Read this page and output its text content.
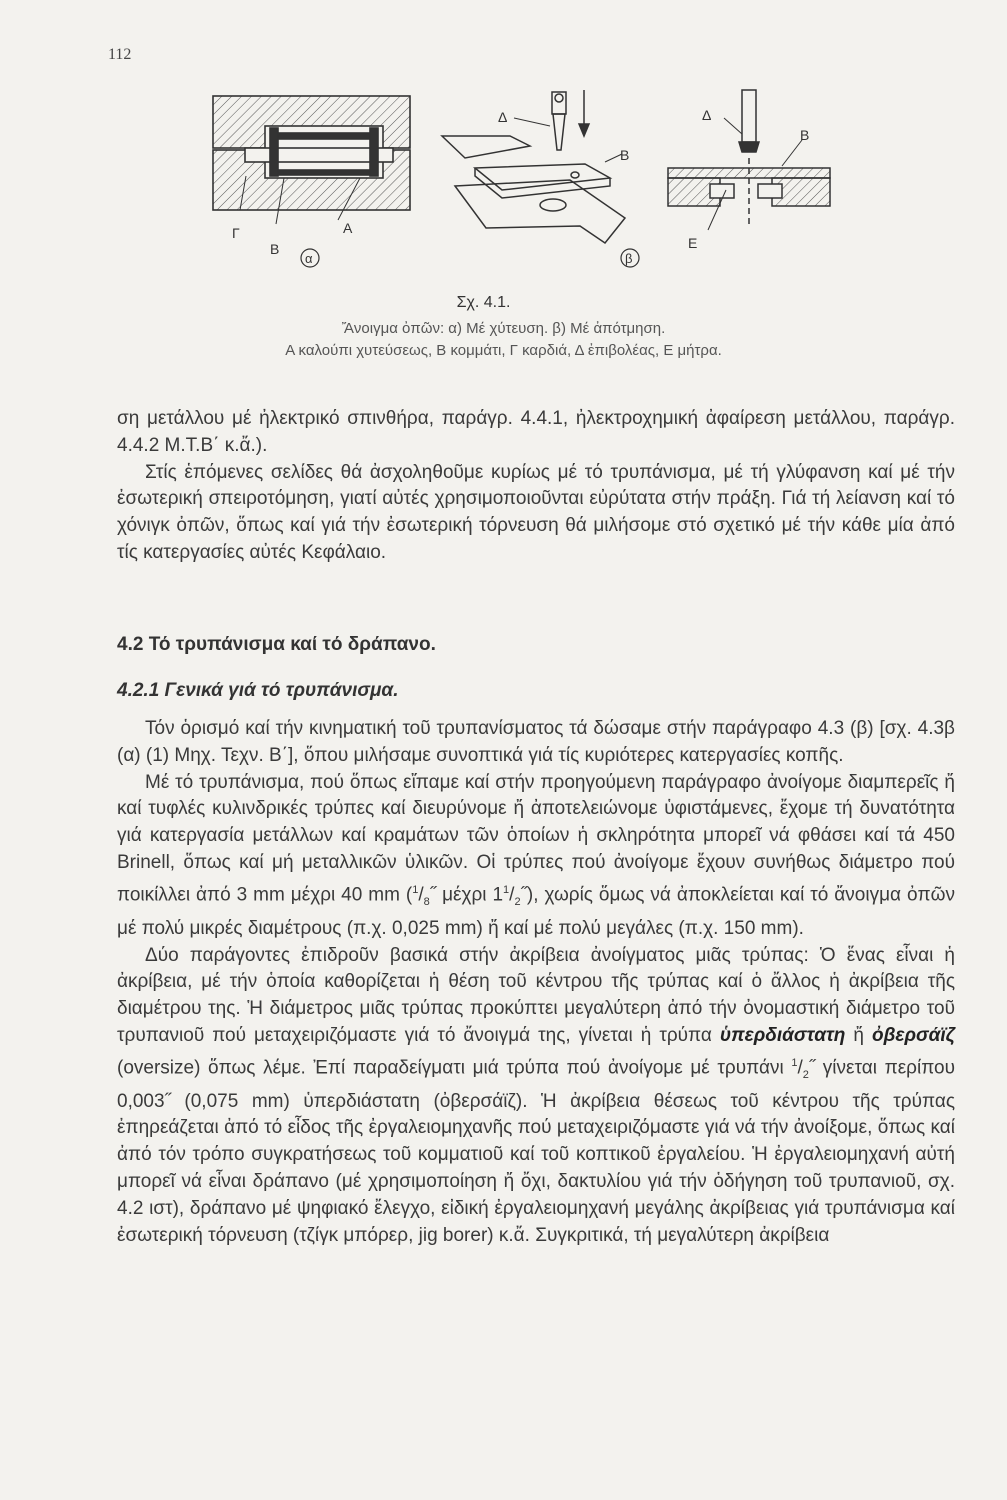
112
Γ
Β
Α
α
Δ
Β
β
Δ
Β
Ε
Σχ. 4.1.
Ἄνοιγμα ὀπῶν: α) Μέ χύτευση. β) Μέ ἀπότμηση.
Α καλούπι χυτεύσεως, Β κομμάτι, Γ καρδιά, Δ ἐπιβολέας, Ε μήτρα.

ση μετάλλου μέ ἠλεκτρικό σπινθήρα, παράγρ. 4.4.1, ἠλεκτροχημική ἀφαίρεση μετάλλου, παράγρ. 4.4.2 Μ.Τ.Β΄ κ.ἄ.).

Στίς ἑπόμενες σελίδες θά ἀσχοληθοῦμε κυρίως μέ τό τρυπάνισμα, μέ τή γλύφανση καί μέ τήν ἐσωτερική σπειροτόμηση, γιατί αὐτές χρησιμοποιοῦνται εὐρύτατα στήν πράξη. Γιά τή λείανση καί τό χόνιγκ ὀπῶν, ὅπως καί γιά τήν ἐσωτερική τόρνευση θά μιλήσομε στό σχετικό μέ τήν κάθε μία ἀπό τίς κατεργασίες αὐτές Κεφάλαιο.

4.2 Τό τρυπάνισμα καί τό δράπανο.
4.2.1 Γενικά γιά τό τρυπάνισμα.

Τόν ὁρισμό καί τήν κινηματική τοῦ τρυπανίσματος τά δώσαμε στήν παράγραφο 4.3 (β) [σχ. 4.3β (α) (1) Μηχ. Τεχν. Β΄], ὅπου μιλήσαμε συνοπτικά γιά τίς κυριότερες κατεργασίες κοπῆς.

Μέ τό τρυπάνισμα, πού ὅπως εἴπαμε καί στήν προηγούμενη παράγραφο ἀνοίγομε διαμπερεῖς ἤ καί τυφλές κυλινδρικές τρύπες καί διευρύνομε ἤ ἀποτελειώνομε ὑφιστάμενες, ἔχομε τή δυνατότητα γιά κατεργασία μετάλλων καί κραμάτων τῶν ὁποίων ἡ σκληρότητα μπορεῖ νά φθάσει καί τά 450 Brinell, ὅπως καί μή μεταλλικῶν ὑλικῶν. Οἱ τρύπες πού ἀνοίγομε ἔχουν συνήθως διάμετρο πού ποικίλλει ἀπό 3 mm μέχρι 40 mm ($^1/_8˝$ μέχρι $1^1/_2˝$), χωρίς ὅμως νά ἀποκλείεται καί τό ἄνοιγμα ὀπῶν μέ πολύ μικρές διαμέτρους (π.χ. 0,025 mm) ἤ καί μέ πολύ μεγάλες (π.χ. 150 mm).

Δύο παράγοντες ἐπιδροῦν βασικά στήν ἀκρίβεια ἀνοίγματος μιᾶς τρύπας: Ὁ ἕνας εἶναι ἡ ἀκρίβεια, μέ τήν ὁποία καθορίζεται ἡ θέση τοῦ κέντρου τῆς τρύπας καί ὁ ἄλλος ἡ ἀκρίβεια τῆς διαμέτρου της. Ἡ διάμετρος μιᾶς τρύπας προκύπτει μεγαλύτερη ἀπό τήν ὀνομαστική διάμετρο τοῦ τρυπανιοῦ πού μεταχειριζόμαστε γιά τό ἄνοιγμά της, γίνεται ἡ τρύπα ὑπερδιάστατη ἤ ὀβερσάϊζ (oversize) ὅπως λέμε. Ἐπί παραδείγματι μιά τρύπα πού ἀνοίγομε μέ τρυπάνι $^1/_2˝$ γίνεται περίπου 0,003˝ (0,075 mm) ὑπερδιάστατη (ὀβερσάϊζ). Ἡ ἀκρίβεια θέσεως τοῦ κέντρου τῆς τρύπας ἐπηρεάζεται ἀπό τό εἶδος τῆς ἐργαλειομηχανῆς πού μεταχειριζόμαστε γιά νά τήν ἀνοίξομε, ὅπως καί ἀπό τόν τρόπο συγκρατήσεως τοῦ κομματιοῦ καί τοῦ κοπτικοῦ ἐργαλείου. Ἡ ἐργαλειομηχανή αὐτή μπορεῖ νά εἶναι δράπανο (μέ χρησιμοποίηση ἤ ὄχι, δακτυλίου γιά τήν ὁδήγηση τοῦ τρυπανιοῦ, σχ. 4.2 ιστ), δράπανο μέ ψηφιακό ἔλεγχο, εἰδική ἐργαλειομηχανή μεγάλης ἀκρίβειας γιά τρυπάνισμα καί ἐσωτερική τόρνευση (τζίγκ μπόρερ, jig borer) κ.ἄ. Συγκριτικά, τή μεγαλύτερη ἀκρίβεια
